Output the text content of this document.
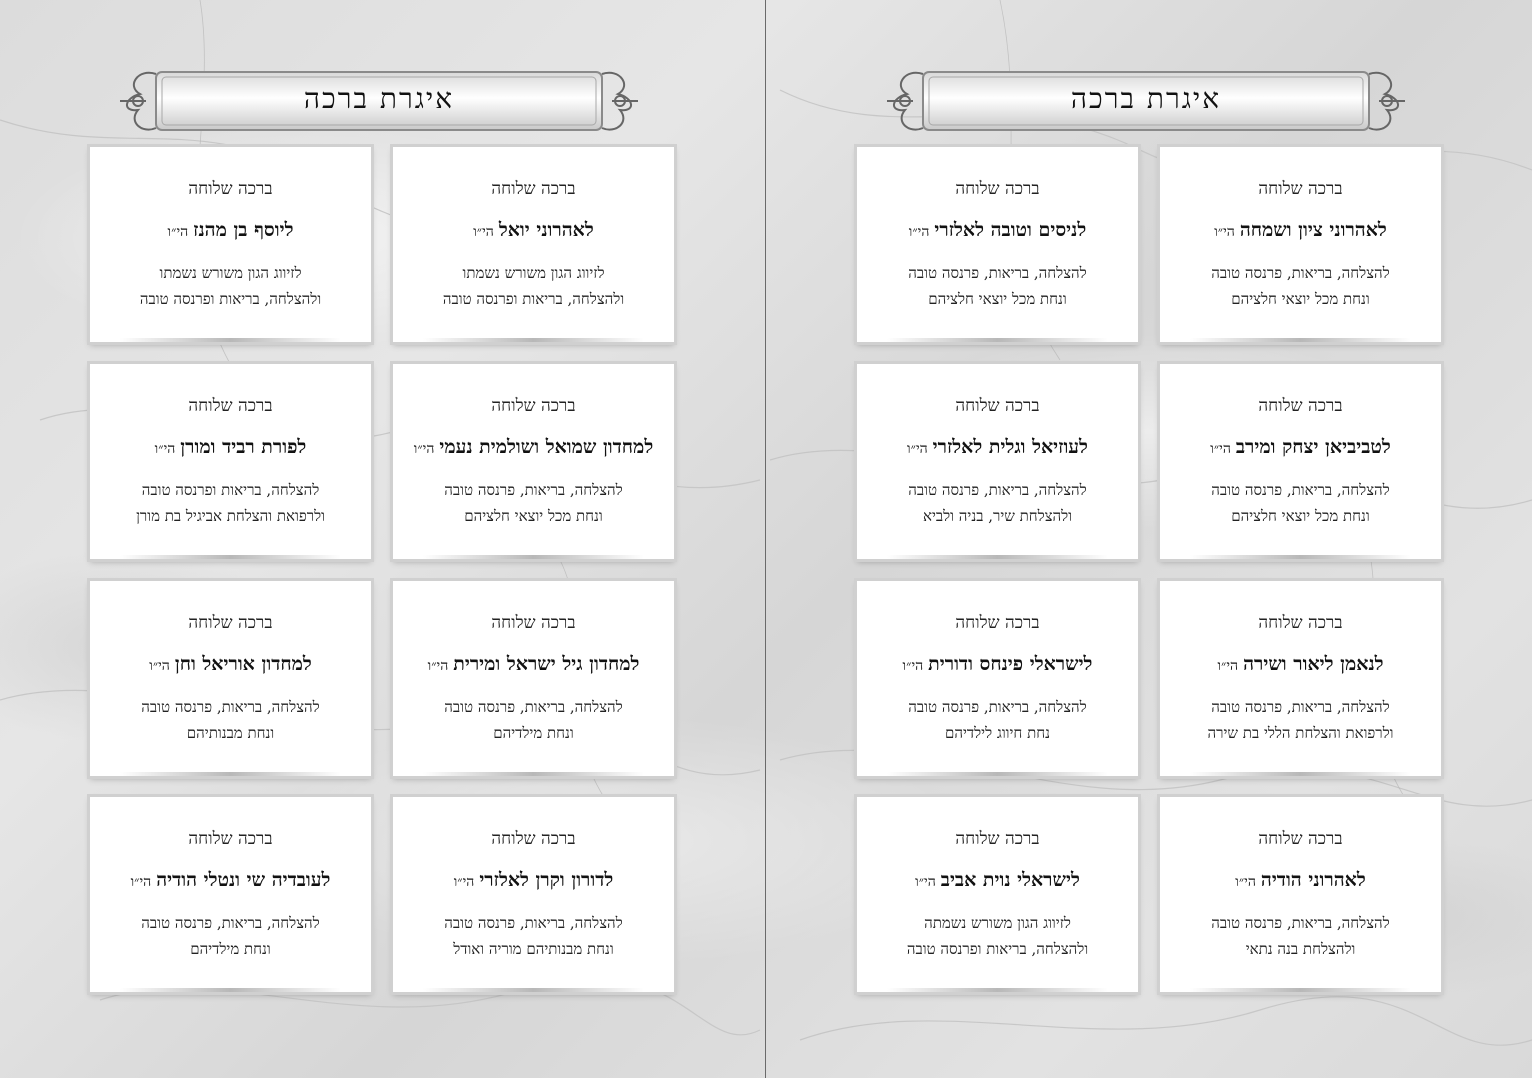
איגרת ברכה
ברכה שלוחה
לאהרוני יואלהי״ו
לזיווג הגון משורש נשמתו
ולהצלחה, בריאות ופרנסה טובה
ברכה שלוחה
ליוסף בן מהנזהי״ו
לזיווג הגון משורש נשמתו
ולהצלחה, בריאות ופרנסה טובה
ברכה שלוחה
למחדון שמואל ושולמית נעמיהי״ו
להצלחה, בריאות, פרנסה טובה
ונחת מכל יוצאי חלציהם
ברכה שלוחה
לפורת רביד ומורןהי״ו
להצלחה, בריאות ופרנסה טובה
ולרפואת והצלחת אביגיל בת מורן
ברכה שלוחה
למחדון גיל ישראל ומיריתהי״ו
להצלחה, בריאות, פרנסה טובה
ונחת מילדיהם
ברכה שלוחה
למחדון אוריאל וחןהי״ו
להצלחה, בריאות, פרנסה טובה
ונחת מבנותיהם
ברכה שלוחה
לדורון וקרן לאלזריהי״ו
להצלחה, בריאות, פרנסה טובה
ונחת מבנותיהם מוריה ואודל
ברכה שלוחה
לעובדיה שי ונטלי הודיההי״ו
להצלחה, בריאות, פרנסה טובה
ונחת מילדיהם
איגרת ברכה
ברכה שלוחה
לאהרוני ציון ושמחההי״ו
להצלחה, בריאות, פרנסה טובה
ונחת מכל יוצאי חלציהם
ברכה שלוחה
לניסים וטובה לאלזריהי״ו
להצלחה, בריאות, פרנסה טובה
ונחת מכל יוצאי חלציהם
ברכה שלוחה
לטביביאן יצחק ומירבהי״ו
להצלחה, בריאות, פרנסה טובה
ונחת מכל יוצאי חלציהם
ברכה שלוחה
לעוזיאל וגלית לאלזריהי״ו
להצלחה, בריאות, פרנסה טובה
ולהצלחת שיר, בניה ולביא
ברכה שלוחה
לנאמן ליאור ושירההי״ו
להצלחה, בריאות, פרנסה טובה
ולרפואת והצלחת הללי בת שירה
ברכה שלוחה
לישראלי פינחס ודוריתהי״ו
להצלחה, בריאות, פרנסה טובה
נחת חיווג לילדיהם
ברכה שלוחה
לאהרוני הודיההי״ו
להצלחה, בריאות, פרנסה טובה
ולהצלחת בנה נתאי
ברכה שלוחה
לישראלי נוית אביבהי״ו
לזיווג הגון משורש נשמתה
ולהצלחה, בריאות ופרנסה טובה
